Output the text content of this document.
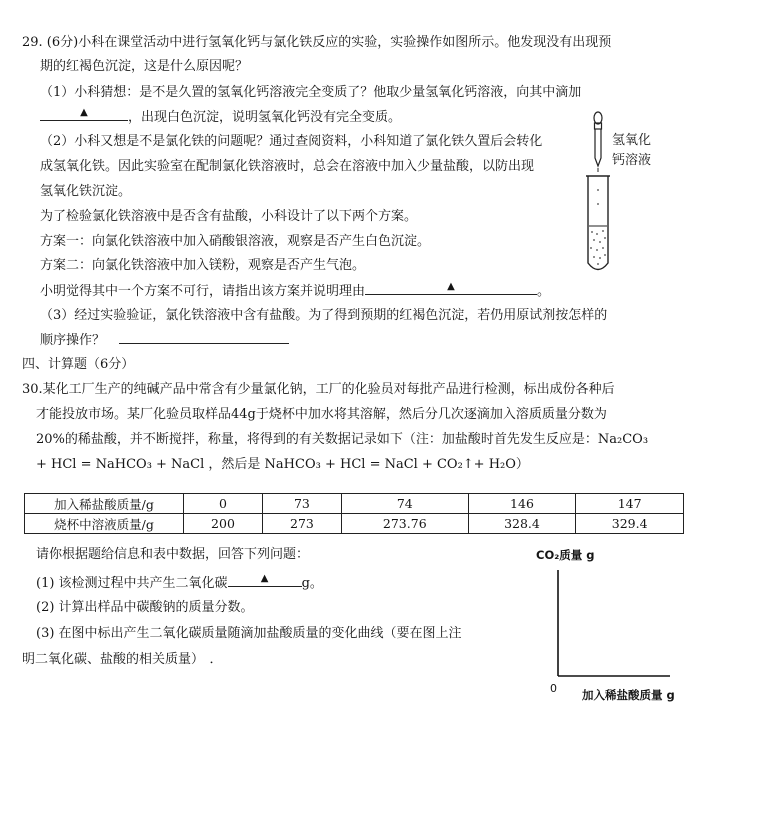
29. (6分)小科在课堂活动中进行氢氧化钙与氯化铁反应的实验，实验操作如图所示。他发现没有出现预
期的红褐色沉淀，这是什么原因呢？
（1）小科猜想：是不是久置的氢氧化钙溶液完全变质了？他取少量氢氧化钙溶液，向其中滴加
▲	，出现白色沉淀，说明氢氧化钙没有完全变质。
（2）小科又想是不是氯化铁的问题呢？通过查阅资料，小科知道了氯化铁久置后会转化
成氢氧化铁。因此实验室在配制氯化铁溶液时，总会在溶液中加入少量盐酸，以防出现
氢氧化铁沉淀。
为了检验氯化铁溶液中是否含有盐酸，小科设计了以下两个方案。
方案一：向氯化铁溶液中加入硝酸银溶液，观察是否产生白色沉淀。
方案二：向氯化铁溶液中加入镁粉，观察是否产生气泡。
小明觉得其中一个方案不可行，请指出该方案并说明理由	▲	。
（3）经过实验验证，氯化铁溶液中含有盐酸。为了得到预期的红褐色沉淀，若仍用原试剂按怎样的
顺序操作？
氢氧化
钙溶液
四、计算题（6分）
30.某化工厂生产的纯碱产品中常含有少量氯化钠，工厂的化验员对每批产品进行检测，标出成份各种后
才能投放市场。某厂化验员取样品44g于烧杯中加水将其溶解，然后分几次逐滴加入溶质质量分数为
20%的稀盐酸，并不断搅拌，称量，将得到的有关数据记录如下（注：加盐酸时首先发生反应是：Na₂CO₃
+ HCl = NaHCO₃ + NaCl ，然后是 NaHCO₃ + HCl = NaCl + CO₂↑+ H₂O）
加入稀盐酸质量/g	0	73	74	146	147
烧杯中溶液质量/g	200	273	273.76	328.4	329.4
请你根据题给信息和表中数据，回答下列问题：
(1) 该检测过程中共产生二氧化碳	▲	g。
(2) 计算出样品中碳酸钠的质量分数。
(3) 在图中标出产生二氧化碳质量随滴加盐酸质量的变化曲线（要在图上注
明二氧化碳、盐酸的相关质量） ．
CO₂质量 g
0 加入稀盐酸质量 g
